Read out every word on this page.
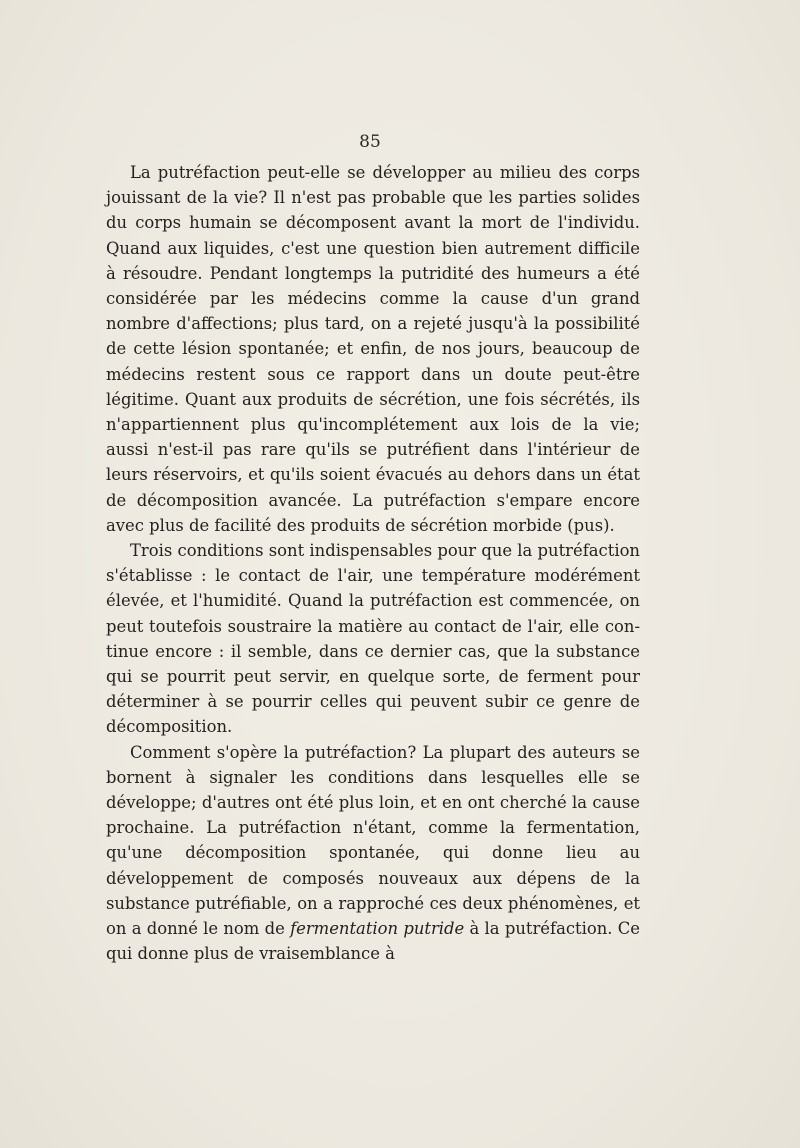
85

La putréfaction peut-elle se développer au milieu des corps jouissant de la vie? Il n'est pas probable que les parties solides du corps humain se décomposent avant la mort de l'individu. Quand aux liquides, c'est une question bien autrement difficile à résoudre. Pendant longtemps la putridité des humeurs a été considérée par les médecins comme la cause d'un grand nombre d'affections; plus tard, on a rejeté jusqu'à la possibilité de cette lésion spontanée; et enfin, de nos jours, beaucoup de médecins restent sous ce rapport dans un doute peut-être légitime. Quant aux produits de sécrétion, une fois sécrétés, ils n'appartiennent plus qu'incomplétement aux lois de la vie; aussi n'est-il pas rare qu'ils se putréfient dans l'intérieur de leurs réservoirs, et qu'ils soient évacués au dehors dans un état de décomposition avancée. La putréfaction s'empare encore avec plus de facilité des produits de sécrétion morbide (pus).

Trois conditions sont indispensables pour que la putréfaction s'établisse : le contact de l'air, une température modérément élevée, et l'humidité. Quand la putréfaction est commencée, on peut toutefois soustraire la matière au contact de l'air, elle continue encore : il semble, dans ce dernier cas, que la substance qui se pourrit peut servir, en quelque sorte, de ferment pour déterminer à se pourrir celles qui peuvent subir ce genre de décomposition.

Comment s'opère la putréfaction? La plupart des auteurs se bornent à signaler les conditions dans lesquelles elle se développe; d'autres ont été plus loin, et en ont cherché la cause prochaine. La putréfaction n'étant, comme la fermentation, qu'une décomposition spontanée, qui donne lieu au développement de composés nouveaux aux dépens de la substance putréfiable, on a rapproché ces deux phénomènes, et on a donné le nom de fermentation putride à la putréfaction. Ce qui donne plus de vraisemblance à
